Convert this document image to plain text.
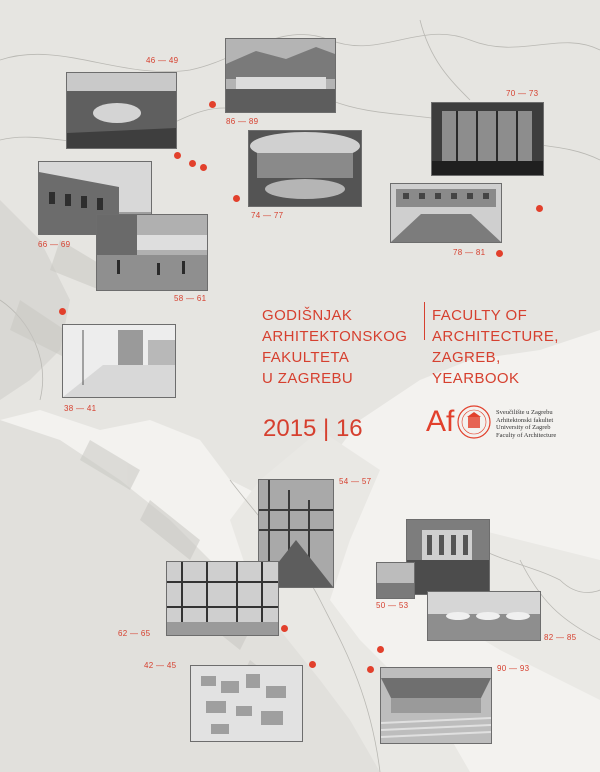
46 — 49
86 — 89
70 — 73
74 — 77
66 — 69
78 — 81
58 — 61
38 — 41
54 — 57
50 — 53
62 — 65	82 — 85
42 — 45	90 — 93
GODIŠNJAK
ARHITEKTONSKOG
FAKULTETA
U ZAGREBU
FACULTY OF
ARCHITECTURE,
ZAGREB,
YEARBOOK
2015 | 16 Af	Sveučilište u Zagrebu
Arhitektonski fakultet
University of Zagreb
Faculty of Architecture
